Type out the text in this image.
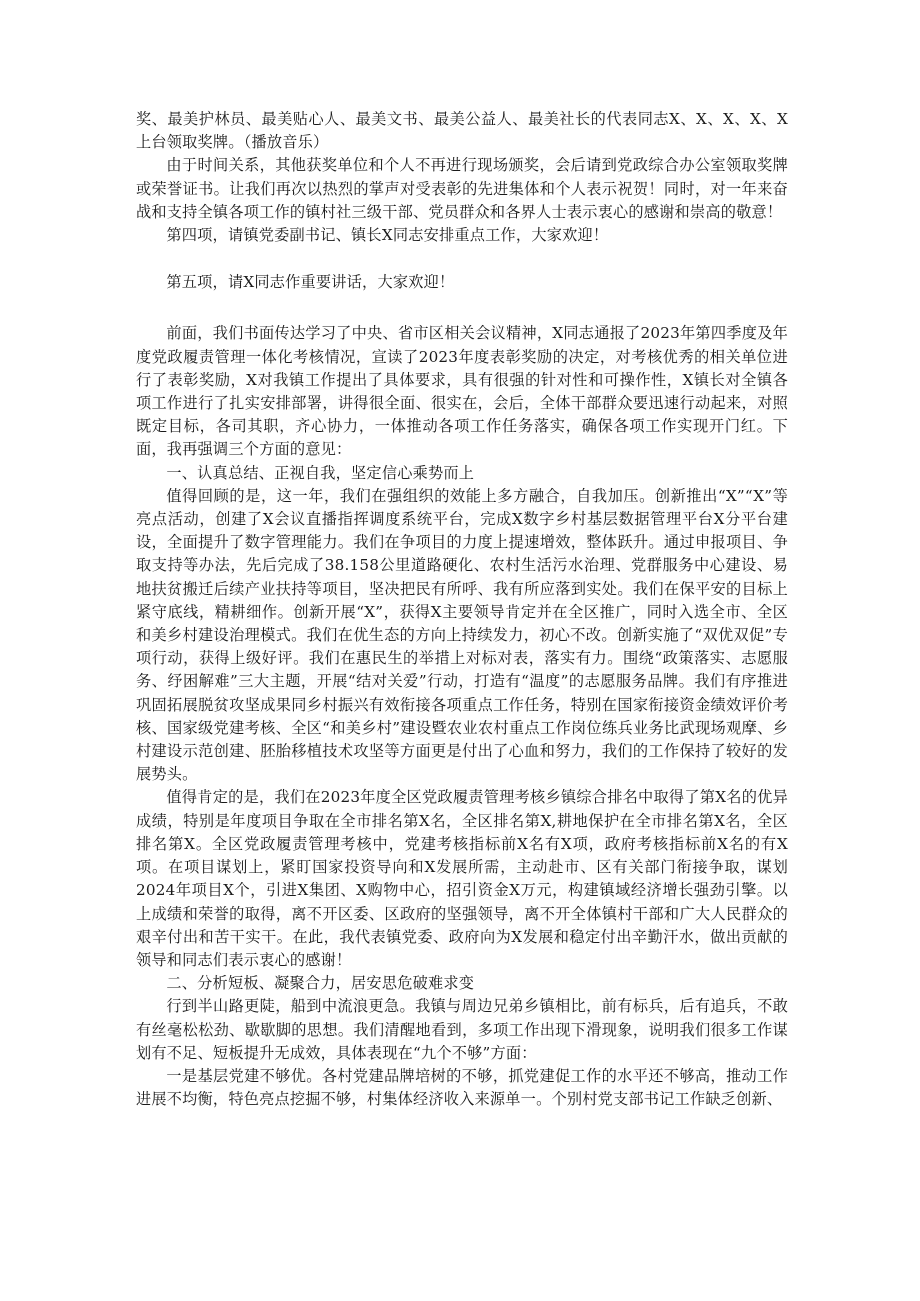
奖、最美护林员、最美贴心人、最美文书、最美公益人、最美社长的代表同志X、X、X、X、X上台领取奖牌。（播放音乐）

由于时间关系，其他获奖单位和个人不再进行现场颁奖，会后请到党政综合办公室领取奖牌或荣誉证书。让我们再次以热烈的掌声对受表彰的先进集体和个人表示祝贺！同时，对一年来奋战和支持全镇各项工作的镇村社三级干部、党员群众和各界人士表示衷心的感谢和崇高的敬意！

第四项，请镇党委副书记、镇长X同志安排重点工作，大家欢迎！

第五项，请X同志作重要讲话，大家欢迎！

前面，我们书面传达学习了中央、省市区相关会议精神，X同志通报了2023年第四季度及年度党政履责管理一体化考核情况，宣读了2023年度表彰奖励的决定，对考核优秀的相关单位进行了表彰奖励，X对我镇工作提出了具体要求，具有很强的针对性和可操作性，X镇长对全镇各项工作进行了扎实安排部署，讲得很全面、很实在，会后，全体干部群众要迅速行动起来，对照既定目标，各司其职，齐心协力，一体推动各项工作任务落实，确保各项工作实现开门红。下面，我再强调三个方面的意见：

一、认真总结、正视自我，坚定信心乘势而上

值得回顾的是，这一年，我们在强组织的效能上多方融合，自我加压。创新推出“X”“X”等亮点活动，创建了X会议直播指挥调度系统平台，完成X数字乡村基层数据管理平台X分平台建设，全面提升了数字管理能力。我们在争项目的力度上提速增效，整体跃升。通过申报项目、争取支持等办法，先后完成了38.158公里道路硬化、农村生活污水治理、党群服务中心建设、易地扶贫搬迁后续产业扶持等项目，坚决把民有所呼、我有所应落到实处。我们在保平安的目标上紧守底线，精耕细作。创新开展“X”，获得X主要领导肯定并在全区推广，同时入选全市、全区和美乡村建设治理模式。我们在优生态的方向上持续发力，初心不改。创新实施了“双优双促”专项行动，获得上级好评。我们在惠民生的举措上对标对表，落实有力。围绕“政策落实、志愿服务、纾困解难”三大主题，开展“结对关爱”行动，打造有“温度”的志愿服务品牌。我们有序推进巩固拓展脱贫攻坚成果同乡村振兴有效衔接各项重点工作任务，特别在国家衔接资金绩效评价考核、国家级党建考核、全区“和美乡村”建设暨农业农村重点工作岗位练兵业务比武现场观摩、乡村建设示范创建、胚胎移植技术攻坚等方面更是付出了心血和努力，我们的工作保持了较好的发展势头。

值得肯定的是，我们在2023年度全区党政履责管理考核乡镇综合排名中取得了第X名的优异成绩，特别是年度项目争取在全市排名第X名，全区排名第X,耕地保护在全市排名第X名，全区排名第X。全区党政履责管理考核中，党建考核指标前X名有X项，政府考核指标前X名的有X项。在项目谋划上，紧盯国家投资导向和X发展所需，主动赴市、区有关部门衔接争取，谋划2024年项目X个，引进X集团、X购物中心，招引资金X万元，构建镇域经济增长强劲引擎。以上成绩和荣誉的取得，离不开区委、区政府的坚强领导，离不开全体镇村干部和广大人民群众的艰辛付出和苦干实干。在此，我代表镇党委、政府向为X发展和稳定付出辛勤汗水，做出贡献的领导和同志们表示衷心的感谢！

二、分析短板、凝聚合力，居安思危破难求变

行到半山路更陡，船到中流浪更急。我镇与周边兄弟乡镇相比，前有标兵，后有追兵，不敢有丝毫松松劲、歇歇脚的思想。我们清醒地看到，多项工作出现下滑现象，说明我们很多工作谋划有不足、短板提升无成效，具体表现在“九个不够”方面：

一是基层党建不够优。各村党建品牌培树的不够，抓党建促工作的水平还不够高，推动工作进展不均衡，特色亮点挖掘不够，村集体经济收入来源单一。个别村党支部书记工作缺乏创新、
